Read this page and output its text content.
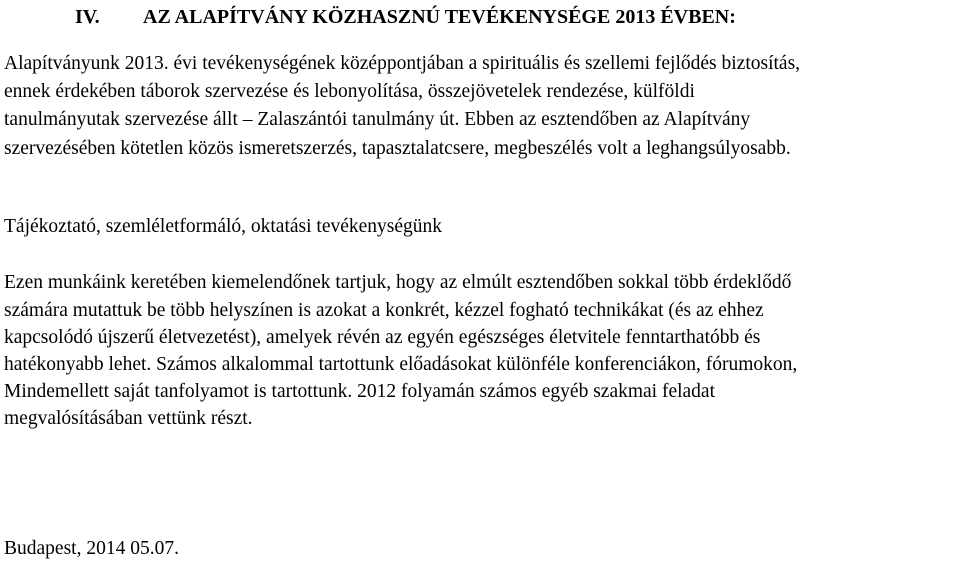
IV. AZ ALAPÍTVÁNY KÖZHASZNÚ TEVÉKENYSÉGE 2013 ÉVBEN:
Alapítványunk 2013. évi tevékenységének középpontjában a spirituális és szellemi fejlődés biztosítás,
ennek érdekében táborok szervezése és lebonyolítása, összejövetelek rendezése, külföldi
tanulmányutak szervezése állt – Zalaszántói tanulmány út. Ebben az esztendőben az Alapítvány
szervezésében kötetlen közös ismeretszerzés, tapasztalatcsere, megbeszélés volt a leghangsúlyosabb.
Tájékoztató, szemléletformáló, oktatási tevékenységünk
Ezen munkáink keretében kiemelendőnek tartjuk, hogy az elmúlt esztendőben sokkal több érdeklődő
számára mutattuk be több helyszínen is azokat a konkrét, kézzel fogható technikákat (és az ehhez
kapcsolódó újszerű életvezetést), amelyek révén az egyén egészséges életvitele fenntarthatóbb és
hatékonyabb lehet. Számos alkalommal tartottunk előadásokat különféle konferenciákon, fórumokon,
Mindemellett saját tanfolyamot is tartottunk. 2012 folyamán számos egyéb szakmai feladat
megvalósításában vettünk részt.
Budapest, 2014 05.07.
